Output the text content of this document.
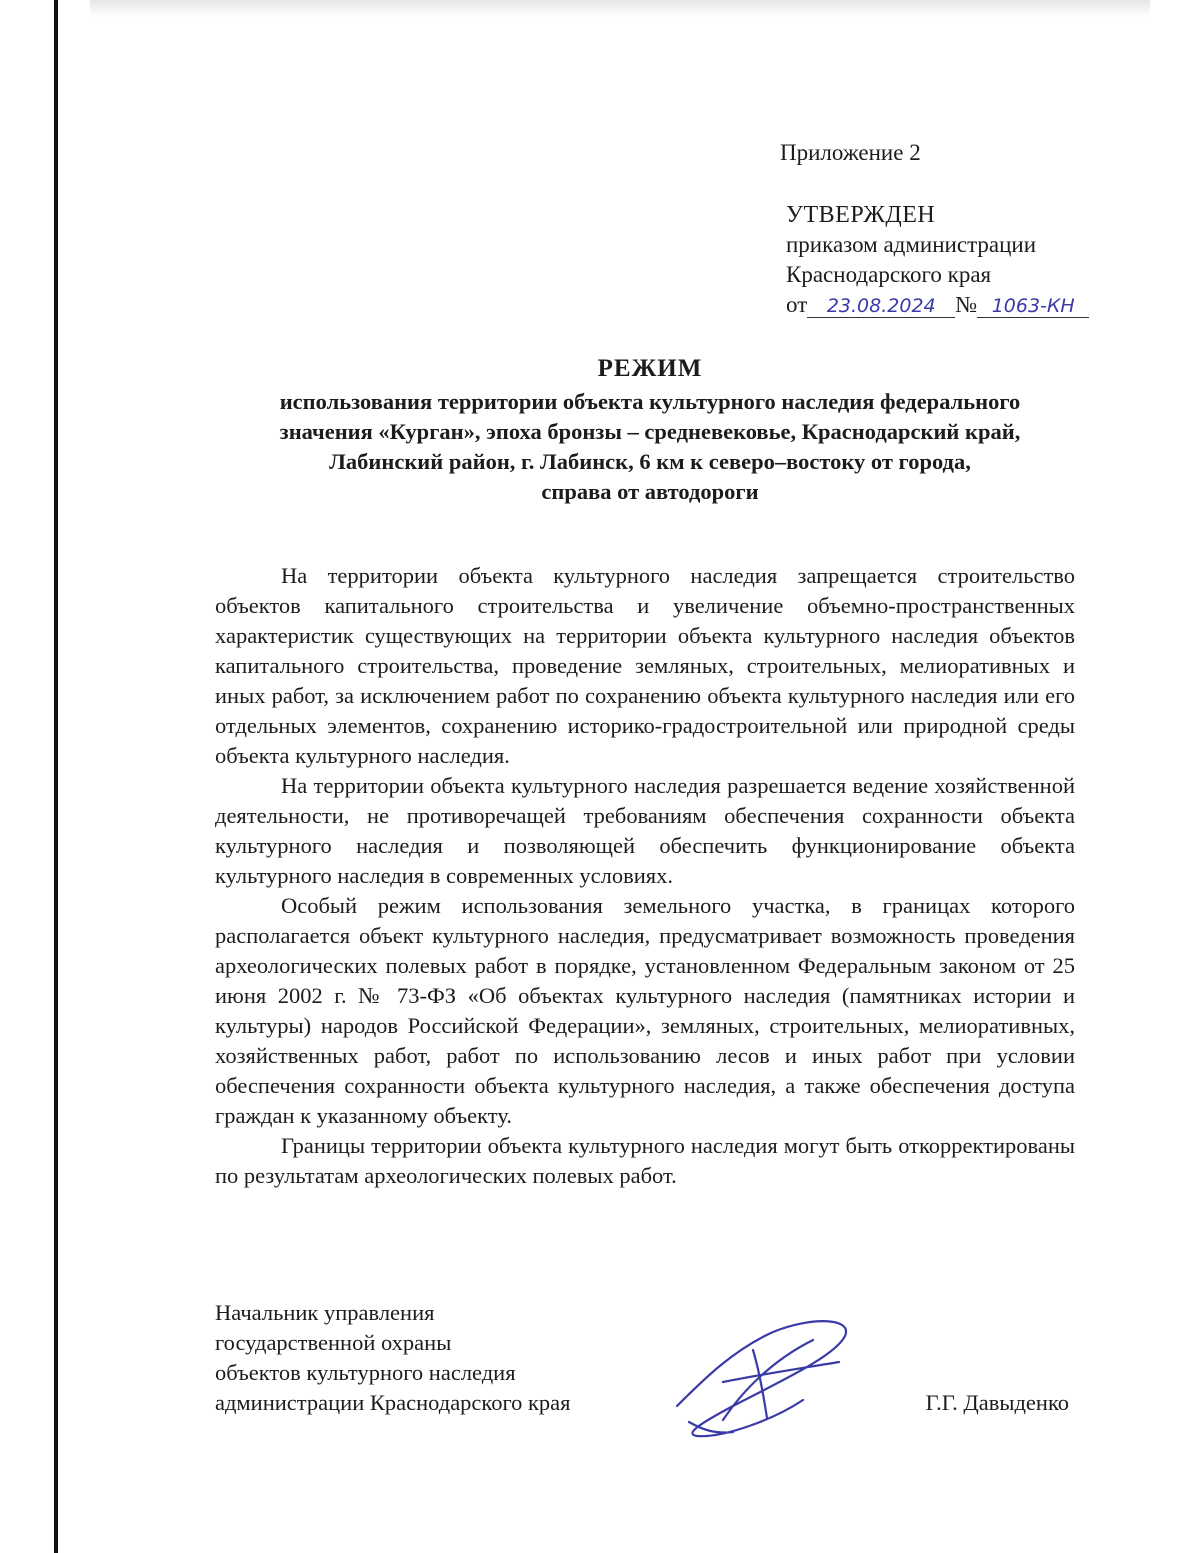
Приложение 2

УТВЕРЖДЕН

приказом администрации

Краснодарского края

от 23.08.2024 № 1063-КН

РЕЖИМ

использования территории объекта культурного наследия федерального

значения «Курган», эпоха бронзы – средневековье, Краснодарский край,

Лабинский район, г. Лабинск, 6 км к северо–востоку от города,

справа от автодороги

На территории объекта культурного наследия запрещается строительство объектов капитального строительства и увеличение объемно-пространственных характеристик существующих на территории объекта культурного наследия объектов капитального строительства, проведение земляных, строительных, мелиоративных и иных работ, за исключением работ по сохранению объекта культурного наследия или его отдельных элементов, сохранению историко-градостроительной или природной среды объекта культурного наследия.

На территории объекта культурного наследия разрешается ведение хозяйственной деятельности, не противоречащей требованиям обеспечения сохранности объекта культурного наследия и позволяющей обеспечить функционирование объекта культурного наследия в современных условиях.

Особый режим использования земельного участка, в границах которого располагается объект культурного наследия, предусматривает возможность проведения археологических полевых работ в порядке, установленном Федеральным законом от 25 июня 2002 г. № 73-ФЗ «Об объектах культурного наследия (памятниках истории и культуры) народов Российской Федерации», земляных, строительных, мелиоративных, хозяйственных работ, работ по использованию лесов и иных работ при условии обеспечения сохранности объекта культурного наследия, а также обеспечения доступа граждан к указанному объекту.

Границы территории объекта культурного наследия могут быть откорректированы по результатам археологических полевых работ.

Начальник управления
государственной охраны
объектов культурного наследия
администрации Краснодарского края	Г.Г. Давыденко
